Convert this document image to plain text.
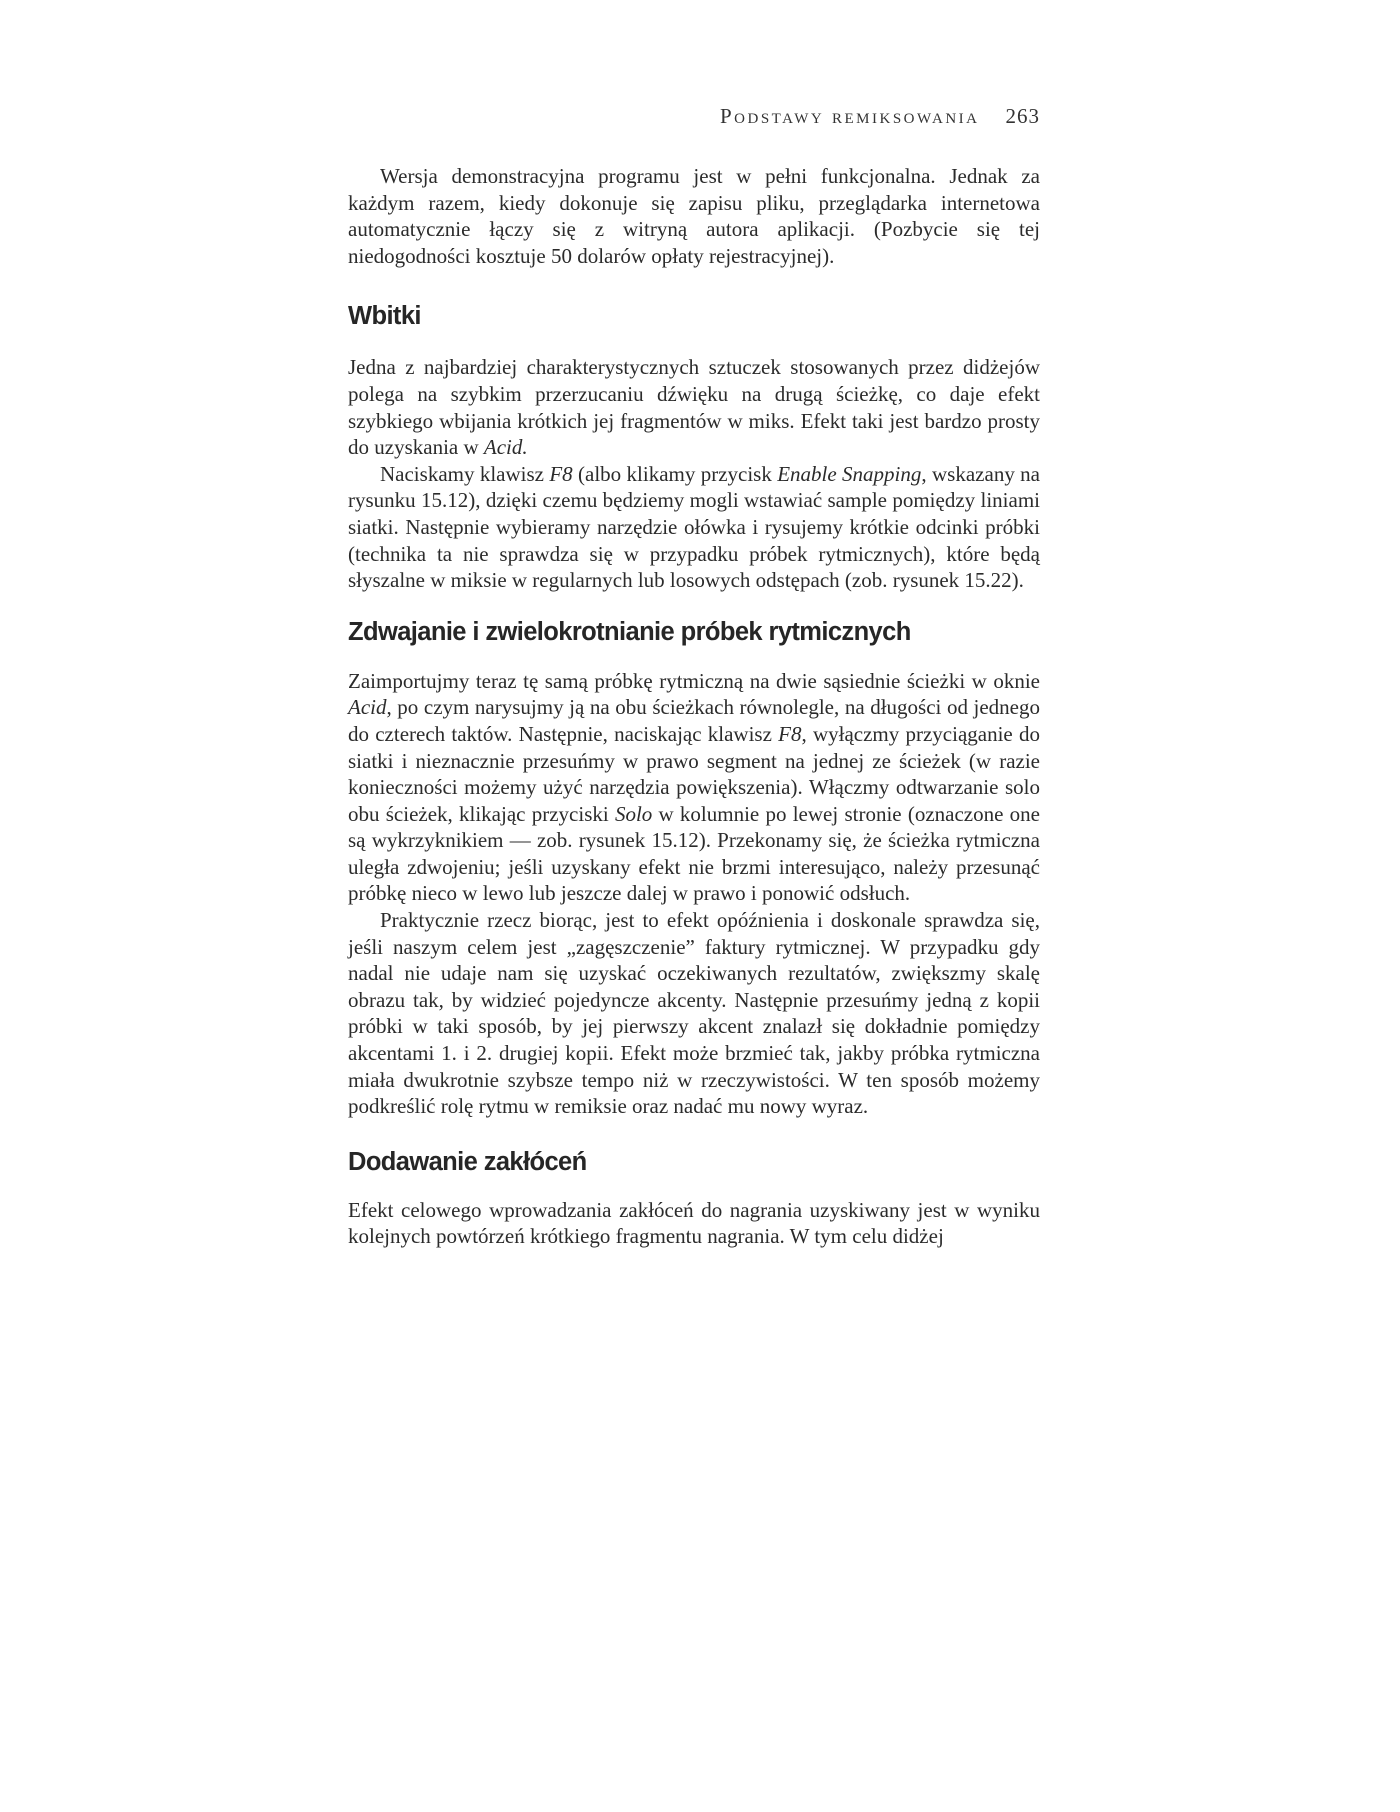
Podstawy remiksowania 263

Wersja demonstracyjna programu jest w pełni funkcjonalna. Jednak za każdym razem, kiedy dokonuje się zapisu pliku, przeglądarka internetowa automatycznie łączy się z witryną autora aplikacji. (Pozbycie się tej niedogodności kosztuje 50 dolarów opłaty rejestracyjnej).

Wbitki

Jedna z najbardziej charakterystycznych sztuczek stosowanych przez didżejów polega na szybkim przerzucaniu dźwięku na drugą ścieżkę, co daje efekt szybkiego wbijania krótkich jej fragmentów w miks. Efekt taki jest bardzo prosty do uzyskania w Acid.

Naciskamy klawisz F8 (albo klikamy przycisk Enable Snapping, wskazany na rysunku 15.12), dzięki czemu będziemy mogli wstawiać sample pomiędzy liniami siatki. Następnie wybieramy narzędzie ołówka i rysujemy krótkie odcinki próbki (technika ta nie sprawdza się w przypadku próbek rytmicznych), które będą słyszalne w miksie w regularnych lub losowych odstępach (zob. rysunek 15.22).

Zdwajanie i zwielokrotnianie próbek rytmicznych

Zaimportujmy teraz tę samą próbkę rytmiczną na dwie sąsiednie ścieżki w oknie Acid, po czym narysujmy ją na obu ścieżkach równolegle, na długości od jednego do czterech taktów. Następnie, naciskając klawisz F8, wyłączmy przyciąganie do siatki i nieznacznie przesuńmy w prawo segment na jednej ze ścieżek (w razie konieczności możemy użyć narzędzia powiększenia). Włączmy odtwarzanie solo obu ścieżek, klikając przyciski Solo w kolumnie po lewej stronie (oznaczone one są wykrzyknikiem — zob. rysunek 15.12). Przekonamy się, że ścieżka rytmiczna uległa zdwojeniu; jeśli uzyskany efekt nie brzmi interesująco, należy przesunąć próbkę nieco w lewo lub jeszcze dalej w prawo i ponowić odsłuch.

Praktycznie rzecz biorąc, jest to efekt opóźnienia i doskonale sprawdza się, jeśli naszym celem jest „zagęszczenie” faktury rytmicznej. W przypadku gdy nadal nie udaje nam się uzyskać oczekiwanych rezultatów, zwiększmy skalę obrazu tak, by widzieć pojedyncze akcenty. Następnie przesuńmy jedną z kopii próbki w taki sposób, by jej pierwszy akcent znalazł się dokładnie pomiędzy akcentami 1. i 2. drugiej kopii. Efekt może brzmieć tak, jakby próbka rytmiczna miała dwukrotnie szybsze tempo niż w rzeczywistości. W ten sposób możemy podkreślić rolę rytmu w remiksie oraz nadać mu nowy wyraz.

Dodawanie zakłóceń

Efekt celowego wprowadzania zakłóceń do nagrania uzyskiwany jest w wyniku kolejnych powtórzeń krótkiego fragmentu nagrania. W tym celu didżej
